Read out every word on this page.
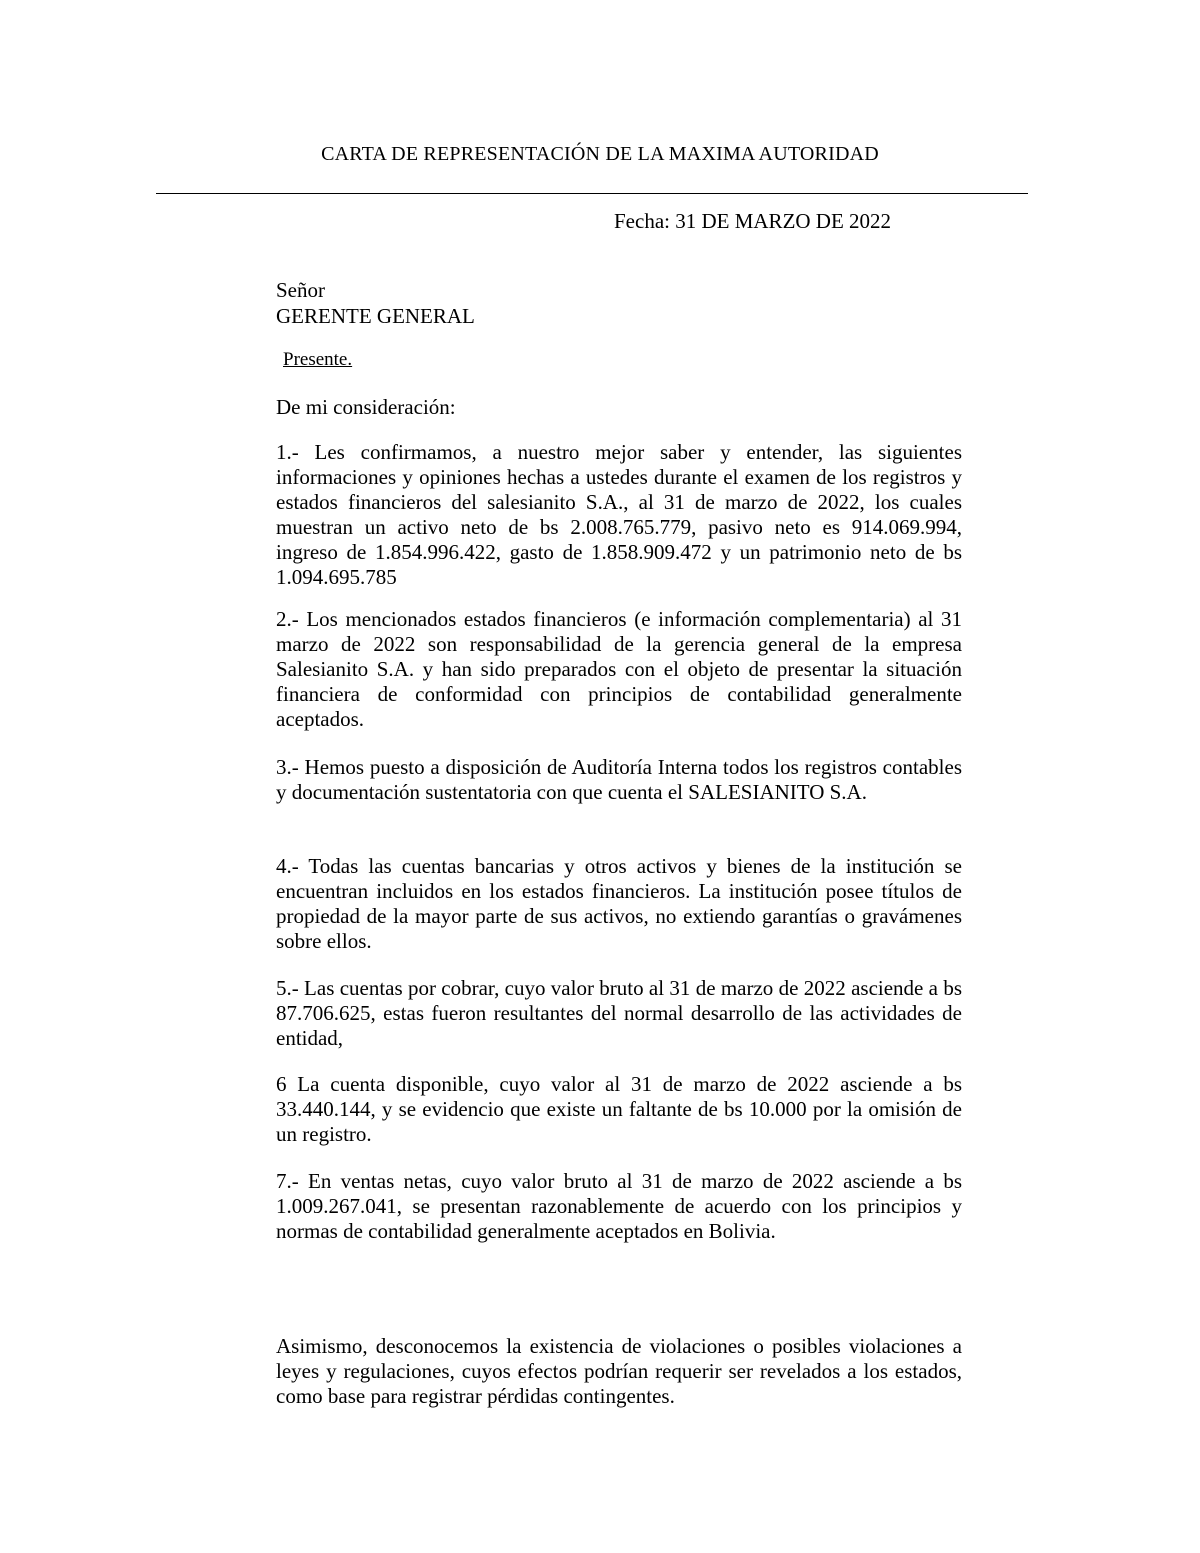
CARTA DE REPRESENTACIÓN DE LA MAXIMA AUTORIDAD
Fecha: 31 DE MARZO DE 2022
Señor
GERENTE GENERAL
Presente.
De mi consideración:

1.- Les confirmamos, a nuestro mejor saber y entender, las siguientes informaciones y opiniones hechas a ustedes durante el examen de los registros y estados financieros del salesianito S.A., al 31 de marzo de 2022, los cuales muestran un activo neto de bs 2.008.765.779, pasivo neto es 914.069.994, ingreso de 1.854.996.422, gasto de 1.858.909.472 y un patrimonio neto de bs 1.094.695.785

2.- Los mencionados estados financieros (e información complementaria) al 31 marzo de 2022 son responsabilidad de la gerencia general de la empresa Salesianito S.A. y han sido preparados con el objeto de presentar la situación financiera de conformidad con principios de contabilidad generalmente aceptados.

3.- Hemos puesto a disposición de Auditoría Interna todos los registros contables y documentación sustentatoria con que cuenta el SALESIANITO S.A.

4.- Todas las cuentas bancarias y otros activos y bienes de la institución se encuentran incluidos en los estados financieros. La institución posee títulos de propiedad de la mayor parte de sus activos, no extiendo garantías o gravámenes sobre ellos.

5.- Las cuentas por cobrar, cuyo valor bruto al 31 de marzo de 2022 asciende a bs 87.706.625, estas fueron resultantes del normal desarrollo de las actividades de entidad,

6 La cuenta disponible, cuyo valor al 31 de marzo de 2022 asciende a bs 33.440.144, y se evidencio que existe un faltante de bs 10.000 por la omisión de un registro.

7.- En ventas netas, cuyo valor bruto al 31 de marzo de 2022 asciende a bs 1.009.267.041, se presentan razonablemente de acuerdo con los principios y normas de contabilidad generalmente aceptados en Bolivia.

Asimismo, desconocemos la existencia de violaciones o posibles violaciones a leyes y regulaciones, cuyos efectos podrían requerir ser revelados a los estados, como base para registrar pérdidas contingentes.
